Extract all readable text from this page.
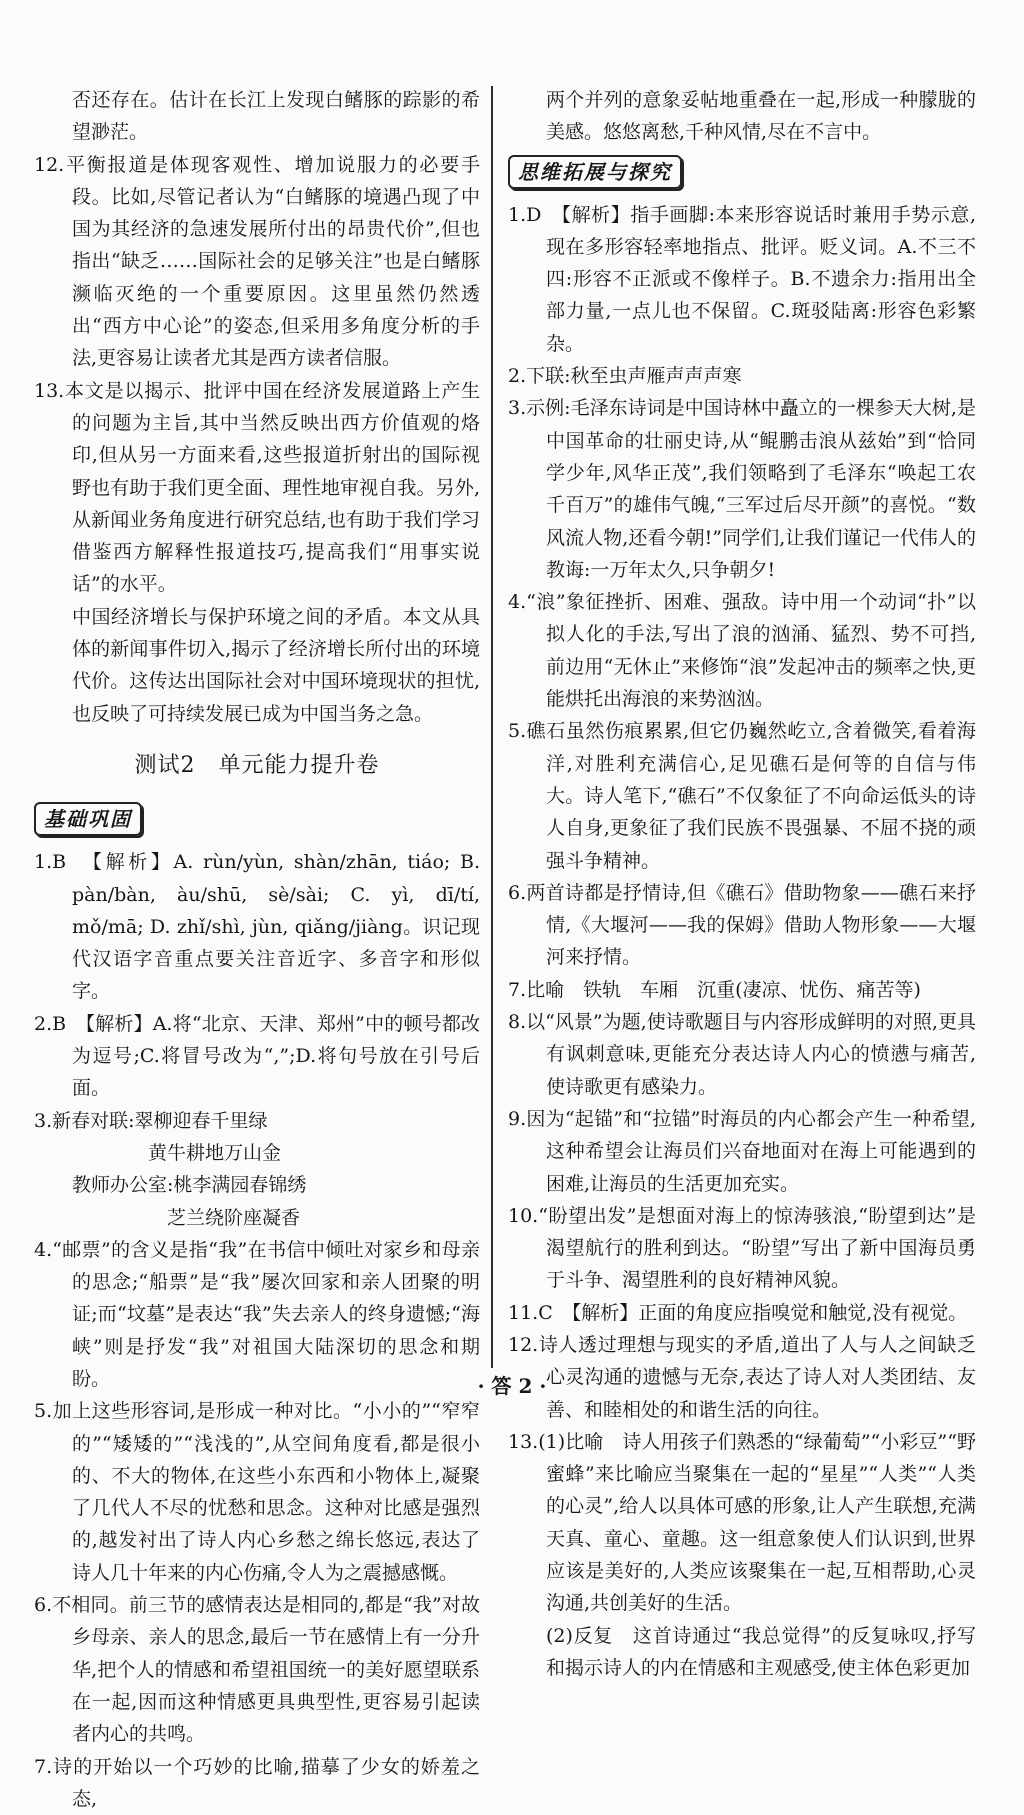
否还存在。估计在长江上发现白鳍豚的踪影的希望渺茫。

12.平衡报道是体现客观性、增加说服力的必要手段。比如,尽管记者认为“白鳍豚的境遇凸现了中国为其经济的急速发展所付出的昂贵代价”,但也指出“缺乏……国际社会的足够关注”也是白鳍豚濒临灭绝的一个重要原因。这里虽然仍然透出“西方中心论”的姿态,但采用多角度分析的手法,更容易让读者尤其是西方读者信服。

13.本文是以揭示、批评中国在经济发展道路上产生的问题为主旨,其中当然反映出西方价值观的烙印,但从另一方面来看,这些报道折射出的国际视野也有助于我们更全面、理性地审视自我。另外,从新闻业务角度进行研究总结,也有助于我们学习借鉴西方解释性报道技巧,提高我们“用事实说话”的水平。

中国经济增长与保护环境之间的矛盾。本文从具体的新闻事件切入,揭示了经济增长所付出的环境代价。这传达出国际社会对中国环境现状的担忧,也反映了可持续发展已成为中国当务之急。

测试2　单元能力提升卷
基础巩固

1.B　【解析】A. rùn/yùn, shàn/zhān, tiáo; B. pàn/bàn, àu/shū, sè/sài; C. yì, dī/tí, mǒ/mā; D. zhǐ/shì, jùn, qiǎng/jiàng。识记现代汉语字音重点要关注音近字、多音字和形似字。

2.B　【解析】A.将“北京、天津、郑州”中的顿号都改为逗号;C.将冒号改为“,”;D.将句号放在引号后面。

3.新春对联:翠柳迎春千里绿

黄牛耕地万山金

教师办公室:桃李满园春锦绣

芝兰绕阶座凝香

4.“邮票”的含义是指“我”在书信中倾吐对家乡和母亲的思念;“船票”是“我”屡次回家和亲人团聚的明证;而“坟墓”是表达“我”失去亲人的终身遗憾;“海峡”则是抒发“我”对祖国大陆深切的思念和期盼。

5.加上这些形容词,是形成一种对比。“小小的”“窄窄的”“矮矮的”“浅浅的”,从空间角度看,都是很小的、不大的物体,在这些小东西和小物体上,凝聚了几代人不尽的忧愁和思念。这种对比感是强烈的,越发衬出了诗人内心乡愁之绵长悠远,表达了诗人几十年来的内心伤痛,令人为之震撼感慨。

6.不相同。前三节的感情表达是相同的,都是“我”对故乡母亲、亲人的思念,最后一节在感情上有一分升华,把个人的情感和希望祖国统一的美好愿望联系在一起,因而这种情感更具典型性,更容易引起读者内心的共鸣。

7.诗的开始以一个巧妙的比喻,描摹了少女的娇羞之态,

两个并列的意象妥帖地重叠在一起,形成一种朦胧的美感。悠悠离愁,千种风情,尽在不言中。

思维拓展与探究

1.D　【解析】指手画脚:本来形容说话时兼用手势示意,现在多形容轻率地指点、批评。贬义词。A.不三不四:形容不正派或不像样子。B.不遗余力:指用出全部力量,一点儿也不保留。C.斑驳陆离:形容色彩繁杂。

2.下联:秋至虫声雁声声声寒

3.示例:毛泽东诗词是中国诗林中矗立的一棵参天大树,是中国革命的壮丽史诗,从“鲲鹏击浪从兹始”到“恰同学少年,风华正茂”,我们领略到了毛泽东“唤起工农千百万”的雄伟气魄,“三军过后尽开颜”的喜悦。“数风流人物,还看今朝!”同学们,让我们谨记一代伟人的教诲:一万年太久,只争朝夕!

4.“浪”象征挫折、困难、强敌。诗中用一个动词“扑”以拟人化的手法,写出了浪的汹涌、猛烈、势不可挡,前边用“无休止”来修饰“浪”发起冲击的频率之快,更能烘托出海浪的来势汹汹。

5.礁石虽然伤痕累累,但它仍巍然屹立,含着微笑,看着海洋,对胜利充满信心,足见礁石是何等的自信与伟大。诗人笔下,“礁石”不仅象征了不向命运低头的诗人自身,更象征了我们民族不畏强暴、不屈不挠的顽强斗争精神。

6.两首诗都是抒情诗,但《礁石》借助物象——礁石来抒情,《大堰河——我的保姆》借助人物形象——大堰河来抒情。

7.比喻　铁轨　车厢　沉重(凄凉、忧伤、痛苦等)

8.以“风景”为题,使诗歌题目与内容形成鲜明的对照,更具有讽刺意味,更能充分表达诗人内心的愤懑与痛苦,使诗歌更有感染力。

9.因为“起锚”和“拉锚”时海员的内心都会产生一种希望,这种希望会让海员们兴奋地面对在海上可能遇到的困难,让海员的生活更加充实。

10.“盼望出发”是想面对海上的惊涛骇浪,“盼望到达”是渴望航行的胜利到达。“盼望”写出了新中国海员勇于斗争、渴望胜利的良好精神风貌。

11.C　【解析】正面的角度应指嗅觉和触觉,没有视觉。

12.诗人透过理想与现实的矛盾,道出了人与人之间缺乏心灵沟通的遗憾与无奈,表达了诗人对人类团结、友善、和睦相处的和谐生活的向往。

13.(1)比喻　诗人用孩子们熟悉的“绿葡萄”“小彩豆”“野蜜蜂”来比喻应当聚集在一起的“星星”“人类”“人类的心灵”,给人以具体可感的形象,让人产生联想,充满天真、童心、童趣。这一组意象使人们认识到,世界应该是美好的,人类应该聚集在一起,互相帮助,心灵沟通,共创美好的生活。

(2)反复　这首诗通过“我总觉得”的反复咏叹,抒写和揭示诗人的内在情感和主观感受,使主体色彩更加

· 答 2 ·
